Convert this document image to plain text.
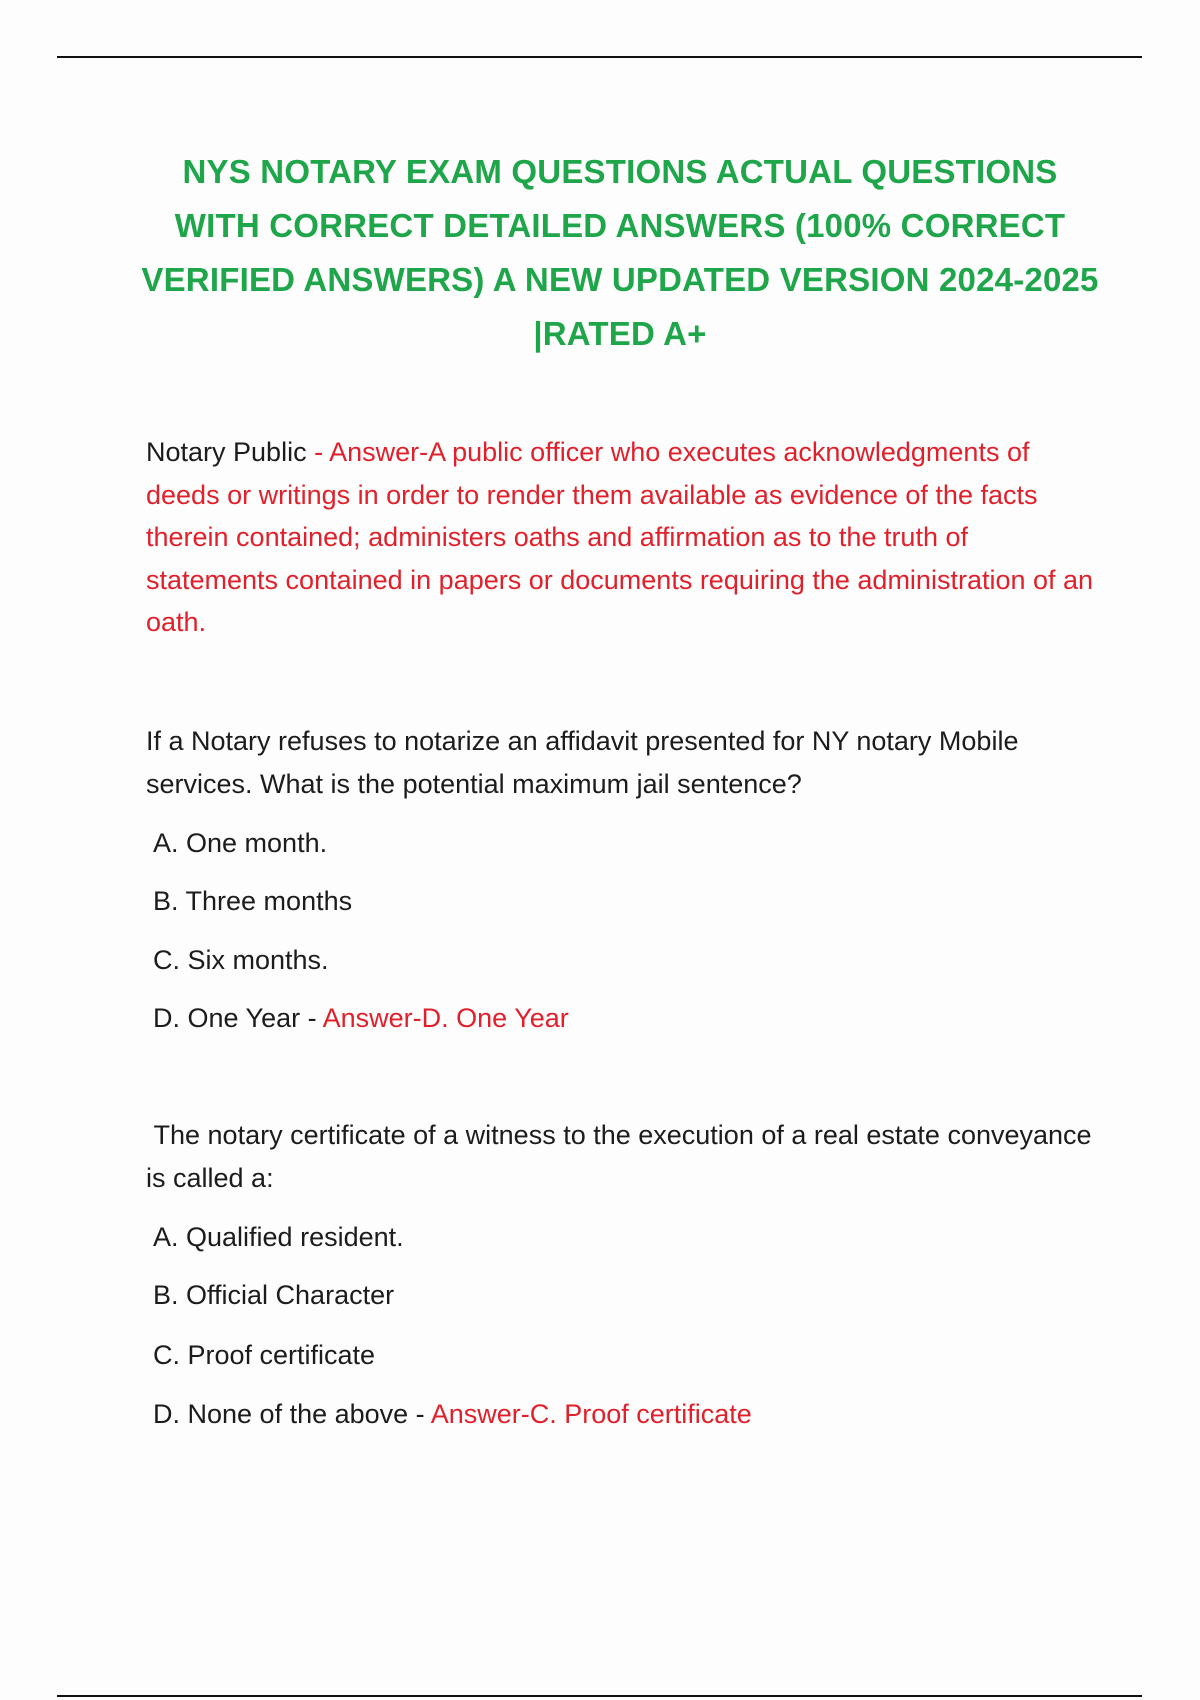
NYS NOTARY EXAM QUESTIONS ACTUAL QUESTIONS WITH CORRECT DETAILED ANSWERS (100% CORRECT VERIFIED ANSWERS) A NEW UPDATED VERSION 2024-2025 |RATED A+
Notary Public - Answer-A public officer who executes acknowledgments of deeds or writings in order to render them available as evidence of the facts therein contained; administers oaths and affirmation as to the truth of statements contained in papers or documents requiring the administration of an oath.
If a Notary refuses to notarize an affidavit presented for NY notary Mobile services. What is the potential maximum jail sentence?
A. One month.
B. Three months
C. Six months.
D. One Year - Answer-D. One Year
The notary certificate of a witness to the execution of a real estate conveyance is called a:
A. Qualified resident.
B. Official Character
C. Proof certificate
D. None of the above - Answer-C. Proof certificate
